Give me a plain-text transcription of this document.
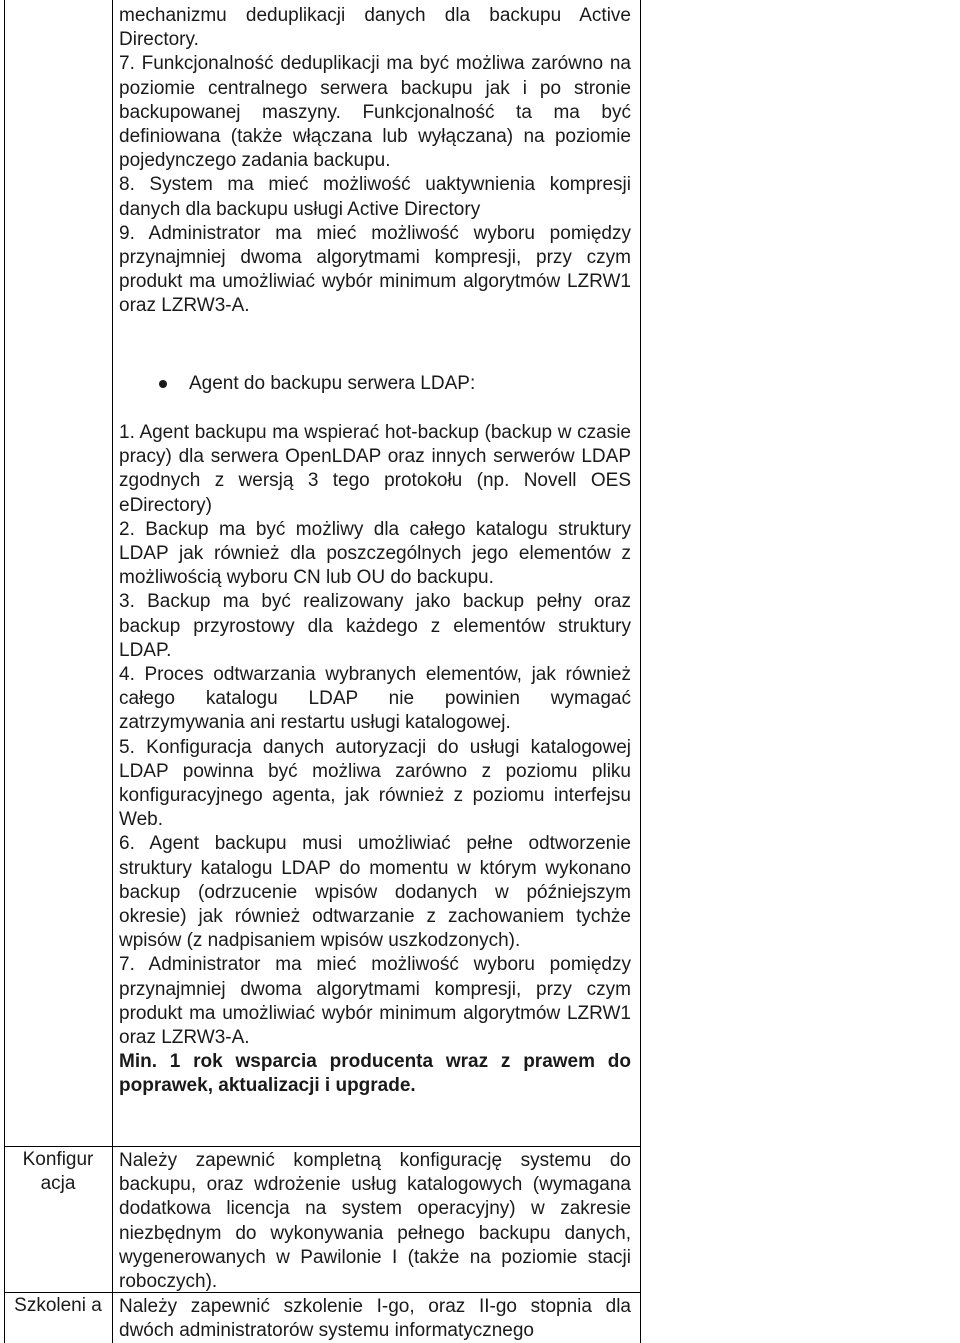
mechanizmu deduplikacji danych dla backupu Active Directory.

7. Funkcjonalność deduplikacji ma być możliwa zarówno na poziomie centralnego serwera backupu jak i po stronie backupowanej maszyny. Funkcjonalność ta ma być definiowana (także włączana lub wyłączana) na poziomie pojedynczego zadania backupu.

8. System ma mieć możliwość uaktywnienia kompresji danych dla backupu usługi Active Directory

9. Administrator ma mieć możliwość wyboru pomiędzy przynajmniej dwoma algorytmami kompresji, przy czym produkt ma umożliwiać wybór minimum algorytmów LZRW1 oraz LZRW3-A.

Agent do backupu serwera LDAP:

1. Agent backupu ma wspierać hot-backup (backup w czasie pracy) dla serwera OpenLDAP oraz innych serwerów LDAP zgodnych z wersją 3 tego protokołu (np. Novell OES eDirectory)

2. Backup ma być możliwy dla całego katalogu struktury LDAP jak również dla poszczególnych jego elementów z możliwością wyboru CN lub OU do backupu.

3. Backup ma być realizowany jako backup pełny oraz backup przyrostowy dla każdego z elementów struktury LDAP.

4. Proces odtwarzania wybranych elementów, jak również całego katalogu LDAP nie powinien wymagać zatrzymywania ani restartu usługi katalogowej.

5. Konfiguracja danych autoryzacji do usługi katalogowej LDAP powinna być możliwa zarówno z poziomu pliku konfiguracyjnego agenta, jak również z poziomu interfejsu Web.

6. Agent backupu musi umożliwiać pełne odtworzenie struktury katalogu LDAP do momentu w którym wykonano backup (odrzucenie wpisów dodanych w późniejszym okresie) jak również odtwarzanie z zachowaniem tychże wpisów (z nadpisaniem wpisów uszkodzonych).

7. Administrator ma mieć możliwość wyboru pomiędzy przynajmniej dwoma algorytmami kompresji, przy czym produkt ma umożliwiać wybór minimum algorytmów LZRW1 oraz LZRW3-A.

Min. 1 rok wsparcia producenta wraz z prawem do poprawek, aktualizacji i upgrade.

Konfigur acja

Należy zapewnić kompletną konfigurację systemu do backupu, oraz wdrożenie usług katalogowych (wymagana dodatkowa licencja na system operacyjny) w zakresie niezbędnym do wykonywania pełnego backupu danych, wygenerowanych w Pawilonie I (także na poziomie stacji roboczych).

Szkoleni a Należy zapewnić szkolenie I-go, oraz II-go stopnia dla dwóch administratorów systemu informatycznego
